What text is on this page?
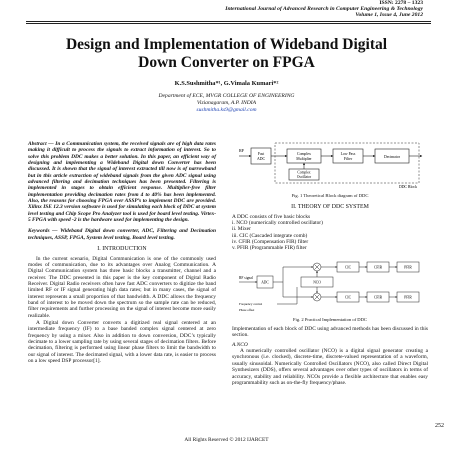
ISSN: 2278 – 1323
International Journal of Advanced Research in Computer Engineering & Technology
Volume 1, Issue 4, June 2012
Design and Implementation of Wideband Digital
Down Converter on FPGA
K.S.Sushmitha*¹, G.Vimala Kumari*²
Department of ECE, MVGR COLLEGE OF ENGINEERING
Vizianagaram, A.P. INDIA
sushmitha.ks9@gmail.com

Abstract — In a Communication system, the received signals are of high data rates making it difficult to process the signals to extract information of interest. So to solve this problem DDC makes a better solution. In this paper, an efficient way of designing and implementing a Wideband Digital down Converter has been discussed. It is shown that the signal of interest extracted till now is of narrowband but in this article extraction of wideband signals from the given ADC signal using advanced filtering and decimation techniques has been presented. Filtering is implemented in stages to obtain efficient response. Multiplier-free filter implementation providing decimation rates from 4 to 40% has been implemented. Also, the reasons for choosing FPGA over ASSP’s to implement DDC are provided. Xilinx ISE 12.3 version software is used for simulating each block of DDC at system level testing and Chip Scope Pro Analyzer tool is used for board level testing. Virtex-5 FPGA with speed -2 is the hardware used for implementing the design.

Keywords — Wideband Digital down converter, ADC, Filtering and Decimation techniques, ASSP, FPGA, System level testing, Board level testing.

I. INTRODUCTION

In the current scenario, Digital Communication is one of the commonly used modes of communication, due to its advantages over Analog Communication. A Digital Communication system has three basic blocks a transmitter, channel and a receiver. The DDC presented in this paper is the key component of Digital Radio Receiver. Digital Radio receivers often have fast ADC converters to digitize the band limited RF or IF signal generating high data rates; but in many cases, the signal of interest represents a small proportion of that bandwidth. A DDC allows the frequency band of interest to be moved down the spectrum so the sample rate can be reduced, filter requirements and further processing on the signal of interest become more easily realizable.

A Digital down Converter converts a digitized real signal centered at an intermediate frequency (IF) to a base banded complex signal centered at zero frequency by using a mixer. Also in addition to down conversion, DDC’s typically decimate to a lower sampling rate by using several stages of decimation filters. Before decimation, filtering is performed using linear phase filters to limit the bandwidth to our signal of interest. The decimated signal, with a lower data rate, is easier to process on a low speed DSP processor[1].

RF
Fast
ADC
Complex
Multiplier
Low Pass
Filter	Decimator
Complex
Oscillator
DDC Block
Fig. 1 Theoretical Block diagram of DDC
II. THEORY OF DDC SYSTEM
A DDC consists of five basic blocks
i. NCO (numerically controlled oscillator)
ii. Mixer
iii. CIC (Cascaded integrate comb)
iv. CFIR (Compensation FIR) filter
v. PFIR (Programmable FIR) filter
RF signal
ADC	NCO
Frequency control
Phase offset
CIC
CIC
CFIR
CFIR
PFIR
PFIR
Fig. 2 Practical Implementation of DDC

Implementation of each block of DDC using advanced methods has been discussed in this section.

A.NCO

A numerically controlled oscillator (NCO) is a digital signal generator creating a synchronous (i.e. clocked), discrete-time, discrete-valued representation of a waveform, usually sinusoidal. Numerically Controlled Oscillators (NCO), also called Direct Digital Synthesizers (DDS), offers several advantages over other types of oscillators in terms of accuracy, stability and reliability. NCOs provide a flexible architecture that enables easy programmability such as on-the-fly frequency/phase.

252
All Rights Reserved © 2012 IJARCET
